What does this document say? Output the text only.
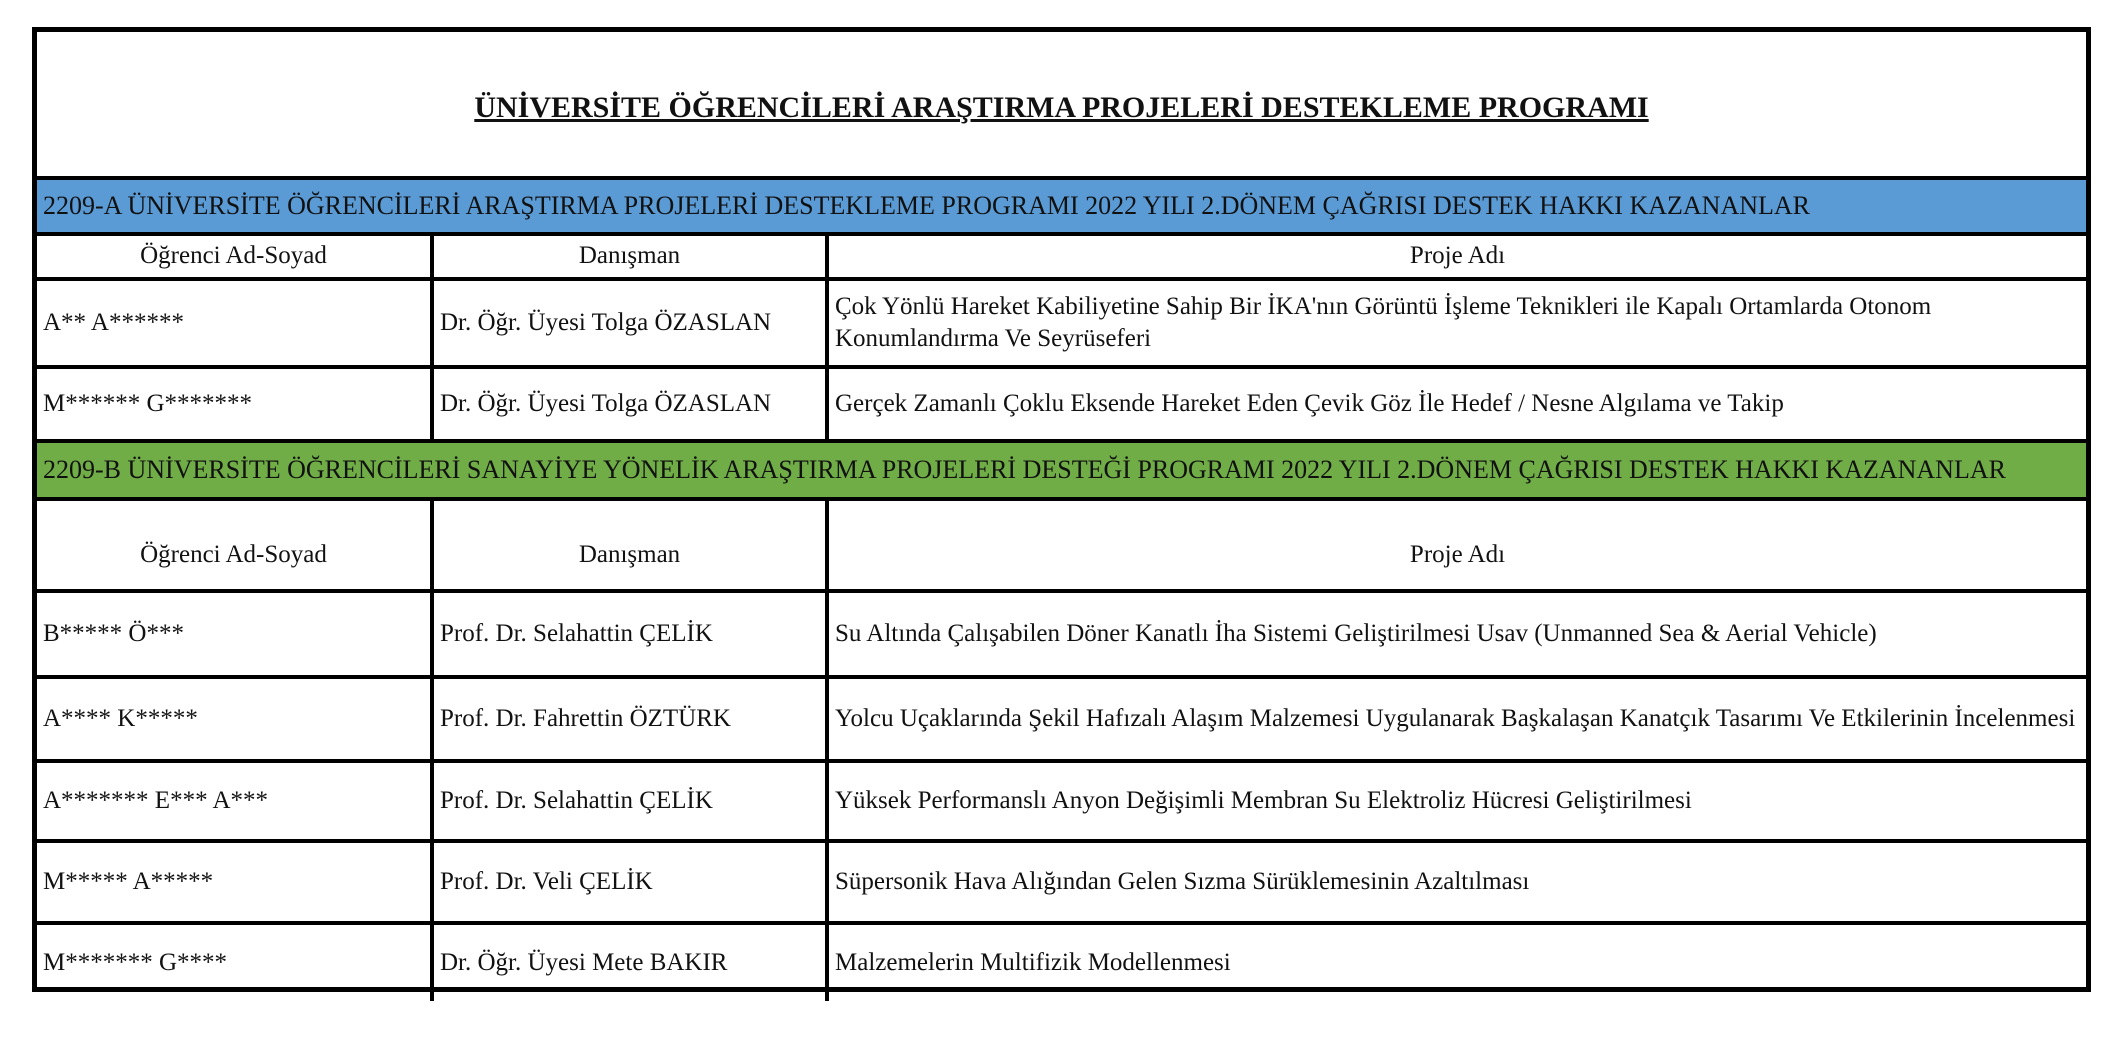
ÜNİVERSİTE ÖĞRENCİLERİ ARAŞTIRMA PROJELERİ DESTEKLEME PROGRAMI		
2209-A ÜNİVERSİTE ÖĞRENCİLERİ ARAŞTIRMA PROJELERİ DESTEKLEME PROGRAMI 2022 YILI 2.DÖNEM ÇAĞRISI DESTEK HAKKI KAZANANLAR		
Öğrenci Ad-Soyad	Danışman	Proje Adı
A** A******	Dr. Öğr. Üyesi Tolga ÖZASLAN	Çok Yönlü Hareket Kabiliyetine Sahip Bir İKA'nın Görüntü İşleme Teknikleri ile Kapalı Ortamlarda Otonom Konumlandırma Ve Seyrüseferi
M****** G*******	Dr. Öğr. Üyesi Tolga ÖZASLAN	Gerçek Zamanlı Çoklu Eksende Hareket Eden Çevik Göz İle Hedef / Nesne Algılama ve Takip
2209-B ÜNİVERSİTE ÖĞRENCİLERİ SANAYİYE YÖNELİK ARAŞTIRMA PROJELERİ DESTEĞİ PROGRAMI 2022 YILI 2.DÖNEM ÇAĞRISI DESTEK HAKKI KAZANANLAR		
Öğrenci Ad-Soyad	Danışman	Proje Adı
B***** Ö***	Prof. Dr. Selahattin ÇELİK	Su Altında Çalışabilen Döner Kanatlı İha Sistemi Geliştirilmesi Usav (Unmanned Sea & Aerial Vehicle)
A**** K*****	Prof. Dr. Fahrettin ÖZTÜRK	Yolcu Uçaklarında Şekil Hafızalı Alaşım Malzemesi Uygulanarak Başkalaşan Kanatçık Tasarımı Ve Etkilerinin İncelenmesi
A******* E*** A***	Prof. Dr. Selahattin ÇELİK	Yüksek Performanslı Anyon Değişimli Membran Su Elektroliz Hücresi Geliştirilmesi
M***** A*****	Prof. Dr. Veli ÇELİK	Süpersonik Hava Alığından Gelen Sızma Sürüklemesinin Azaltılması
M******* G****	Dr. Öğr. Üyesi Mete BAKIR	Malzemelerin Multifizik Modellenmesi
